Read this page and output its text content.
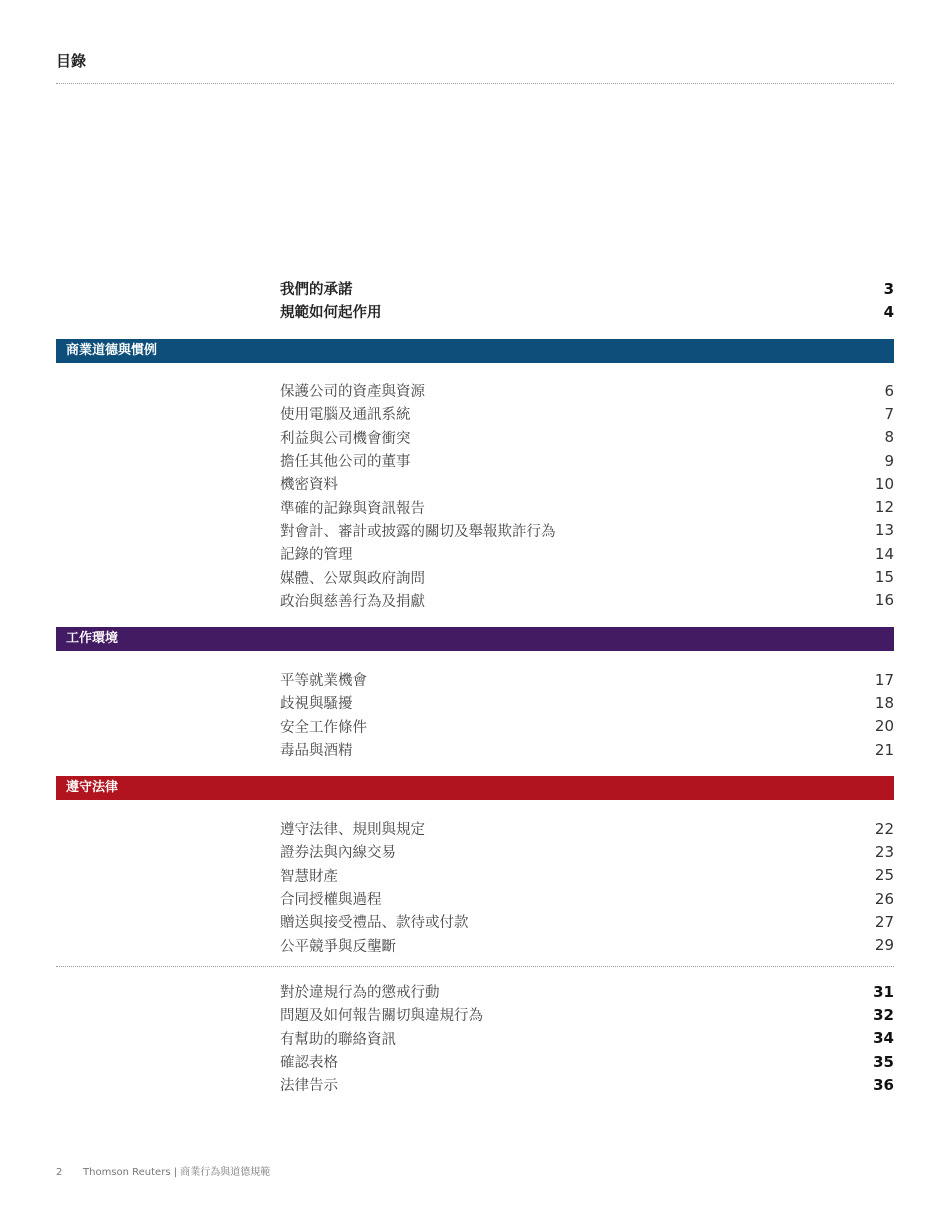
目錄
我們的承諾	3
規範如何起作用	4
商業道德與慣例
保護公司的資產與資源	6
使用電腦及通訊系統	7
利益與公司機會衝突	8
擔任其他公司的董事	9
機密資料	10
準確的記錄與資訊報告	12
對會計、審計或披露的關切及舉報欺詐行為	13
記錄的管理	14
媒體、公眾與政府詢問	15
政治與慈善行為及捐獻	16
工作環境
平等就業機會	17
歧視與騷擾	18
安全工作條件	20
毒品與酒精	21
遵守法律
遵守法律、規則與規定	22
證券法與內線交易	23
智慧財產	25
合同授權與過程	26
贈送與接受禮品、款待或付款	27
公平競爭與反壟斷	29
對於違規行為的懲戒行動	31
問題及如何報告關切與違規行為	32
有幫助的聯絡資訊	34
確認表格	35
法律告示	36
2 Thomson Reuters | 商業行為與道德規範
